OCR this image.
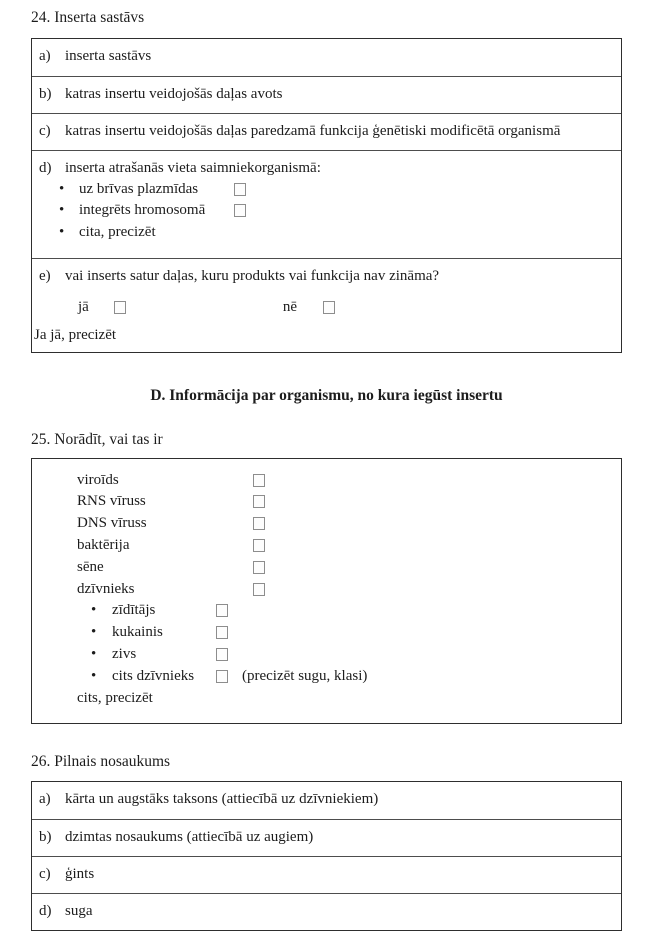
24. Inserta sastāvs

a) inserta sastāvs
b) katras insertu veidojošās daļas avots
c) katras insertu veidojošās daļas paredzamā funkcija ģenētiski modificētā organismā
d) inserta atrašanās vieta saimniekorganismā:
• uz brīvas plazmīdas
• integrēts hromosomā
• cita, precizēt
e) vai inserts satur daļas, kuru produkts vai funkcija nav zināma?
jā	nē
Ja jā, precizēt
D. Informācija par organismu, no kura iegūst insertu

25. Norādīt, vai tas ir

viroīds
RNS vīruss
DNS vīruss
baktērija
sēne
dzīvnieks
•	zīdītājs
•	kukainis
•	zivs
•	cits dzīvnieks	(precizēt sugu, klasi)
cits, precizēt

26. Pilnais nosaukums

a) kārta un augstāks taksons (attiecībā uz dzīvniekiem)
b) dzimtas nosaukums (attiecībā uz augiem)
c) ģints
d) suga
